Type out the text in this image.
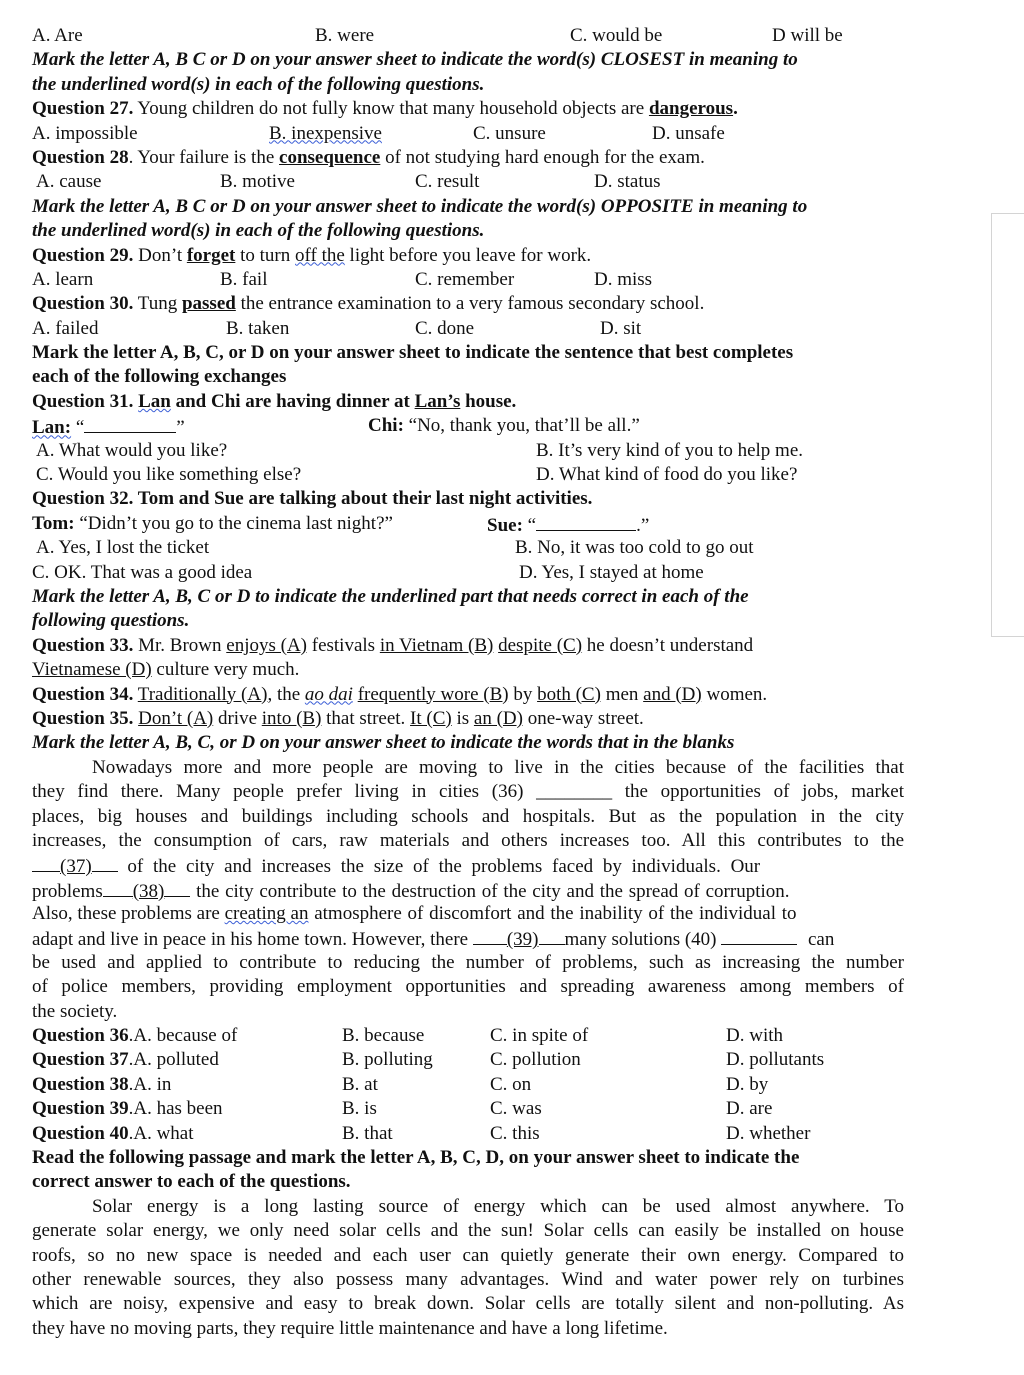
A. Are	B. were	C. would be	D will be
Mark the letter A, B C or D on your answer sheet to indicate the word(s) CLOSEST in meaning to
the underlined word(s) in each of the following questions.
Question 27. Young children do not fully know that many household objects are dangerous.
A. impossible	B. inexpensive	C. unsure	D. unsafe
Question 28. Your failure is the consequence of not studying hard enough for the exam.
A. cause	B. motive	C. result	D. status
Mark the letter A, B C or D on your answer sheet to indicate the word(s) OPPOSITE in meaning to
the underlined word(s) in each of the following questions.
Question 29. Don’t forget to turn off the light before you leave for work.
A. learn	B. fail	C. remember	D. miss
Question 30. Tung passed the entrance examination to a very famous secondary school.
A. failed	B. taken	C. done	D. sit
Mark the letter A, B, C, or D on your answer sheet to indicate the sentence that best completes
each of the following exchanges
Question 31. Lan and Chi are having dinner at Lan’s house.
Lan: “	”	Chi: “No, thank you, that’ll be all.”
A. What would you like?	B. It’s very kind of you to help me.
C. Would you like something else?	D. What kind of food do you like?
Question 32. Tom and Sue are talking about their last night activities.
Tom: “Didn’t you go to the cinema last night?”	Sue: “	.”
A. Yes, I lost the ticket	B. No, it was too cold to go out
C. OK. That was a good idea	D. Yes, I stayed at home
Mark the letter A, B, C or D to indicate the underlined part that needs correct in each of the
following questions.
Question 33. Mr. Brown enjoys (A) festivals in Vietnam (B) despite (C) he doesn’t understand
Vietnamese (D) culture very much.
Question 34. Traditionally (A), the ao dai frequently wore (B) by both (C) men and (D) women.
Question 35. Don’t (A) drive into (B) that street. It (C) is an (D) one-way street.
Mark the letter A, B, C, or D on your answer sheet to indicate the words that in the blanks
Nowadays more and more people are moving to live in the cities because of the facilities that
they find there. Many people prefer living in cities (36) ________ the opportunities of jobs, market
places, big houses and buildings including schools and hospitals. But as the population in the city
increases, the consumption of cars, raw materials and others increases too. All this contributes to the
(37) of the city and increases the size of the problems faced by individuals. Our
problems (38) the city contribute to the destruction of the city and the spread of corruption.
Also, these problems are creating an atmosphere of discomfort and the inability of the individual to
adapt and live in peace in his home town. However, there (39) many solutions (40)	can
be used and applied to contribute to reducing the number of problems, such as increasing the number
of police members, providing employment opportunities and spreading awareness among members of
the society.
Question 36.A. because of	B. because	C. in spite of	D. with
Question 37.A. polluted	B. polluting	C. pollution	D. pollutants
Question 38.A. in	B. at	C. on	D. by
Question 39.A. has been	B. is	C. was	D. are
Question 40.A. what	B. that	C. this	D. whether
Read the following passage and mark the letter A, B, C, D, on your answer sheet to indicate the
correct answer to each of the questions.
Solar energy is a long lasting source of energy which can be used almost anywhere. To
generate solar energy, we only need solar cells and the sun! Solar cells can easily be installed on house
roofs, so no new space is needed and each user can quietly generate their own energy. Compared to
other renewable sources, they also possess many advantages. Wind and water power rely on turbines
which are noisy, expensive and easy to break down. Solar cells are totally silent and non-polluting. As
they have no moving parts, they require little maintenance and have a long lifetime.
